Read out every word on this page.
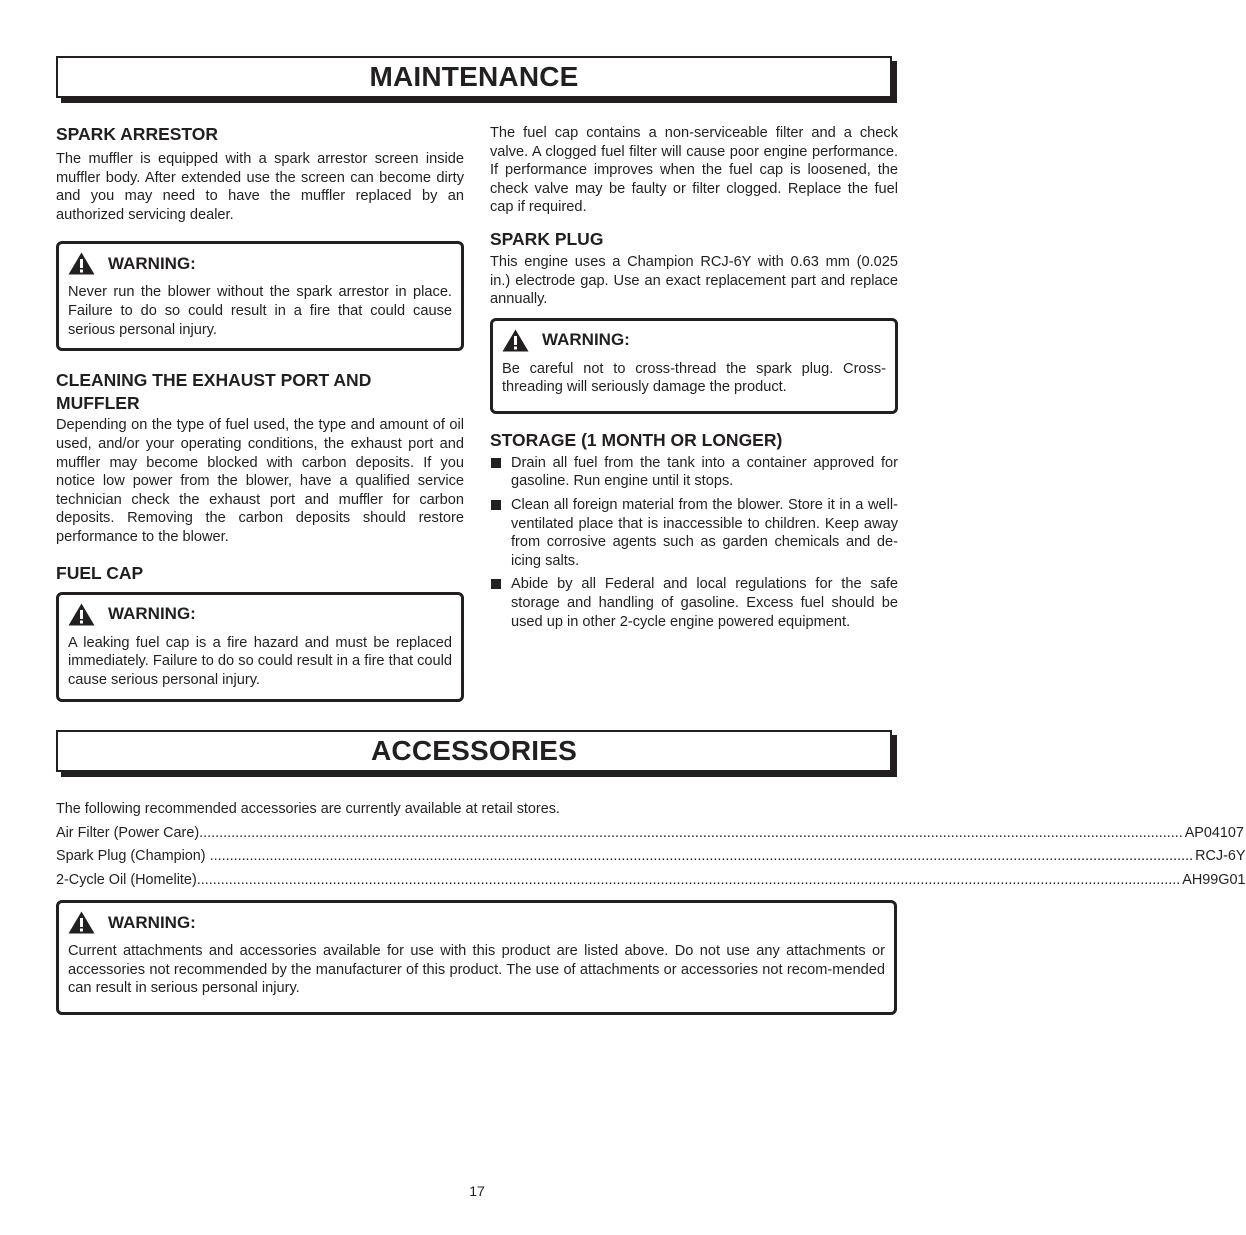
MAINTENANCE
SPARK ARRESTOR

The muffler is equipped with a spark arrestor screen inside muffler body. After extended use the screen can become dirty and you may need to have the muffler replaced by an authorized servicing dealer.

WARNING:

Never run the blower without the spark arrestor in place. Failure to do so could result in a fire that could cause serious personal injury.

CLEANING THE EXHAUST PORT AND MUFFLER

Depending on the type of fuel used, the type and amount of oil used, and/or your operating conditions, the exhaust port and muffler may become blocked with carbon deposits. If you notice low power from the blower, have a qualified service technician check the exhaust port and muffler for carbon deposits. Removing the carbon deposits should restore performance to the blower.

FUEL CAP
WARNING:

A leaking fuel cap is a fire hazard and must be replaced immediately. Failure to do so could result in a fire that could cause serious personal injury.

The fuel cap contains a non-serviceable filter and a check valve. A clogged fuel filter will cause poor engine performance. If performance improves when the fuel cap is loosened, the check valve may be faulty or filter clogged. Replace the fuel cap if required.

SPARK PLUG

This engine uses a Champion RCJ-6Y with 0.63 mm (0.025 in.) electrode gap. Use an exact replacement part and replace annually.

WARNING:

Be careful not to cross-thread the spark plug. Cross-threading will seriously damage the product.

STORAGE (1 MONTH OR LONGER)
Drain all fuel from the tank into a container approved for gasoline. Run engine until it stops.
Clean all foreign material from the blower. Store it in a well-ventilated place that is inaccessible to children. Keep away from corrosive agents such as garden chemicals and de-icing salts.
Abide by all Federal and local regulations for the safe storage and handling of gasoline. Excess fuel should be used up in other 2-cycle engine powered equipment.
ACCESSORIES

The following recommended accessories are currently available at retail stores.

Air Filter (Power Care) ...................................................................................................................................................................................................................................................... AP04107
Spark Plug (Champion) ...................................................................................................................................................................................................................................................... RCJ-6Y
2-Cycle Oil (Homelite) ...................................................................................................................................................................................................................................................... AH99G01
WARNING:

Current attachments and accessories available for use with this product are listed above. Do not use any attachments or accessories not recommended by the manufacturer of this product. The use of attachments or accessories not recom-mended can result in serious personal injury.

17
